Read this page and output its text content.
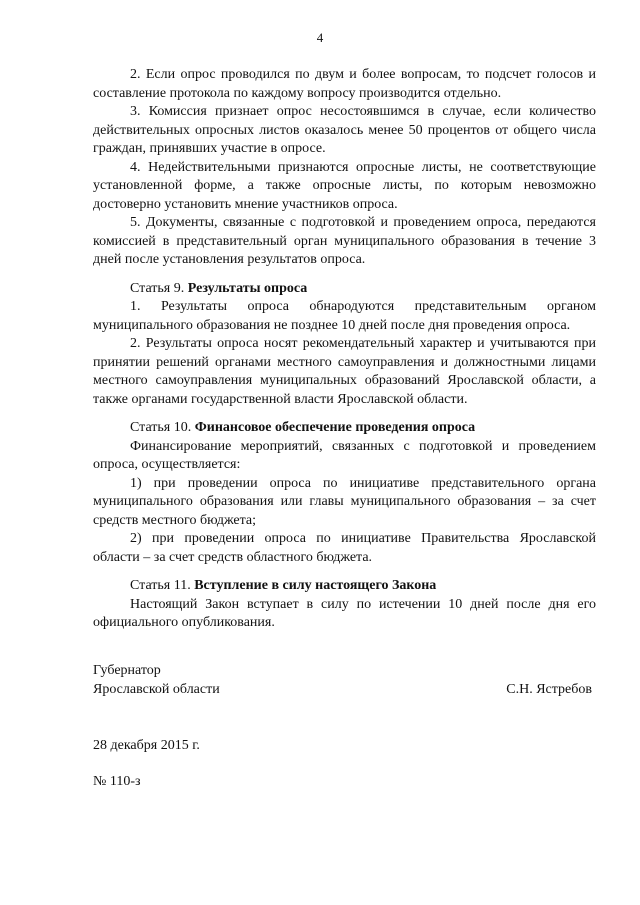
4

2. Если опрос проводился по двум и более вопросам, то подсчет голосов и составление протокола по каждому вопросу производится отдельно.

3. Комиссия признает опрос несостоявшимся в случае, если количество действительных опросных листов оказалось менее 50 процентов от общего числа граждан, принявших участие в опросе.

4. Недействительными признаются опросные листы, не соответствующие установленной форме, а также опросные листы, по которым невозможно достоверно установить мнение участников опроса.

5. Документы, связанные с подготовкой и проведением опроса, передаются комиссией в представительный орган муниципального образования в течение 3 дней после установления результатов опроса.

Статья 9. Результаты опроса

1. Результаты опроса обнародуются представительным органом муниципального образования не позднее 10 дней после дня проведения опроса.

2. Результаты опроса носят рекомендательный характер и учитываются при принятии решений органами местного самоуправления и должностными лицами местного самоуправления муниципальных образований Ярославской области, а также органами государственной власти Ярославской области.

Статья 10. Финансовое обеспечение проведения опроса

Финансирование мероприятий, связанных с подготовкой и проведением опроса, осуществляется:

1) при проведении опроса по инициативе представительного органа муниципального образования или главы муниципального образования – за счет средств местного бюджета;

2) при проведении опроса по инициативе Правительства Ярославской области – за счет средств областного бюджета.

Статья 11. Вступление в силу настоящего Закона

Настоящий Закон вступает в силу по истечении 10 дней после дня его официального опубликования.

Губернатор
Ярославской области	С.Н. Ястребов
28 декабря 2015 г.
№ 110-з
